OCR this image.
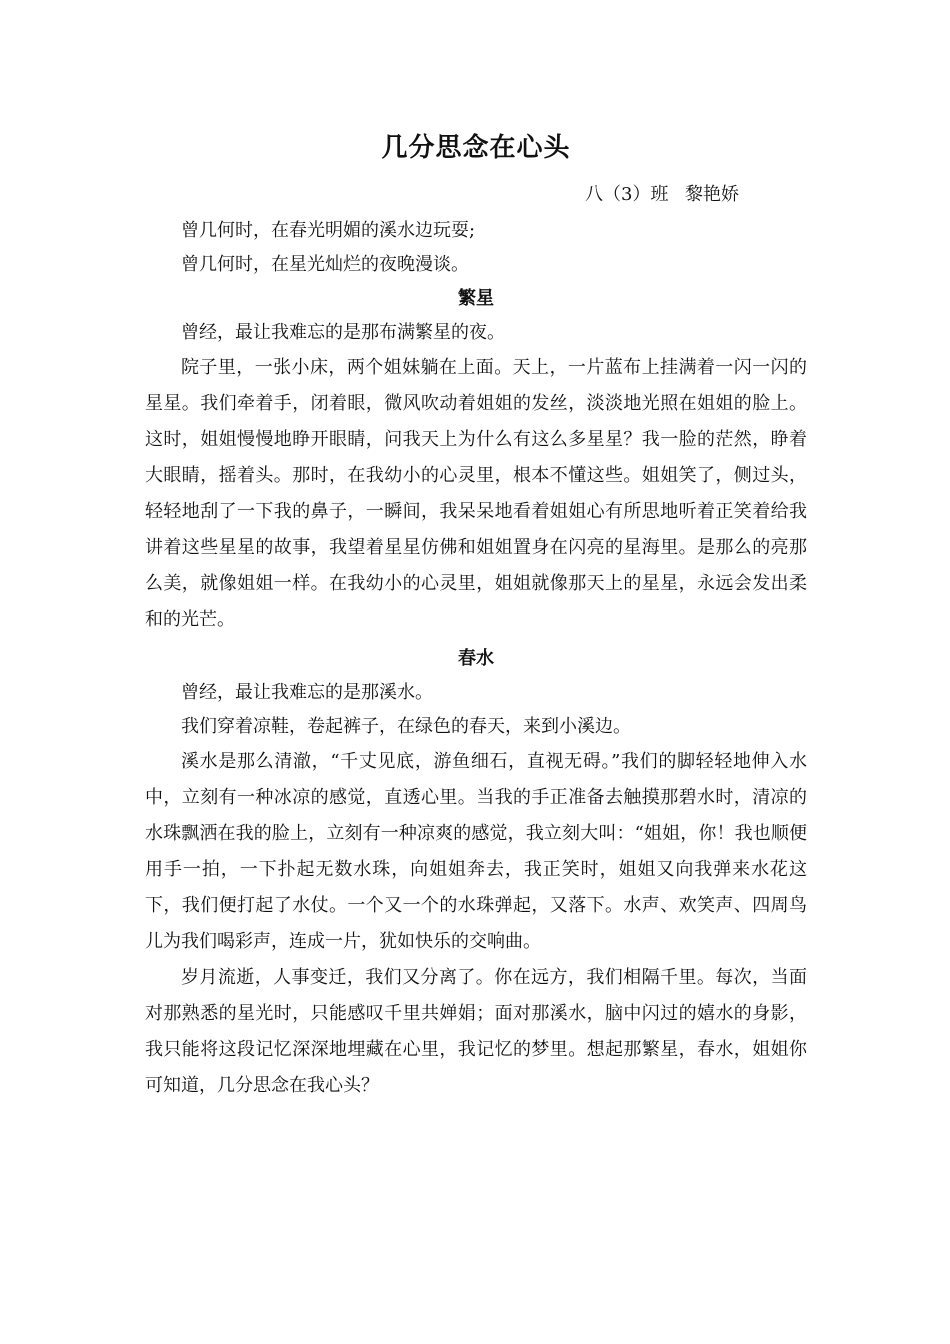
几分思念在心头
八（3）班 黎艳娇

曾几何时，在春光明媚的溪水边玩耍;

曾几何时，在星光灿烂的夜晚漫谈。

繁星

曾经，最让我难忘的是那布满繁星的夜。

院子里，一张小床，两个姐妹躺在上面。天上，一片蓝布上挂满着一闪一闪的星星。我们牵着手，闭着眼，微风吹动着姐姐的发丝，淡淡地光照在姐姐的脸上。这时，姐姐慢慢地睁开眼睛，问我天上为什么有这么多星星？我一脸的茫然，睁着大眼睛，摇着头。那时，在我幼小的心灵里，根本不懂这些。姐姐笑了，侧过头，轻轻地刮了一下我的鼻子，一瞬间，我呆呆地看着姐姐心有所思地听着正笑着给我讲着这些星星的故事，我望着星星仿佛和姐姐置身在闪亮的星海里。是那么的亮那么美，就像姐姐一样。在我幼小的心灵里，姐姐就像那天上的星星，永远会发出柔和的光芒。

春水

曾经，最让我难忘的是那溪水。

我们穿着凉鞋，卷起裤子，在绿色的春天，来到小溪边。

溪水是那么清澈，“千丈见底，游鱼细石，直视无碍。”我们的脚轻轻地伸入水中，立刻有一种冰凉的感觉，直透心里。当我的手正准备去触摸那碧水时，清凉的水珠飘洒在我的脸上，立刻有一种凉爽的感觉，我立刻大叫：“姐姐，你！我也顺便用手一拍，一下扑起无数水珠，向姐姐奔去，我正笑时，姐姐又向我弹来水花这下，我们便打起了水仗。一个又一个的水珠弹起，又落下。水声、欢笑声、四周鸟儿为我们喝彩声，连成一片，犹如快乐的交响曲。

岁月流逝，人事变迁，我们又分离了。你在远方，我们相隔千里。每次，当面对那熟悉的星光时，只能感叹千里共婵娟；面对那溪水，脑中闪过的嬉水的身影，我只能将这段记忆深深地埋藏在心里，我记忆的梦里。想起那繁星，春水，姐姐你可知道，几分思念在我心头？
